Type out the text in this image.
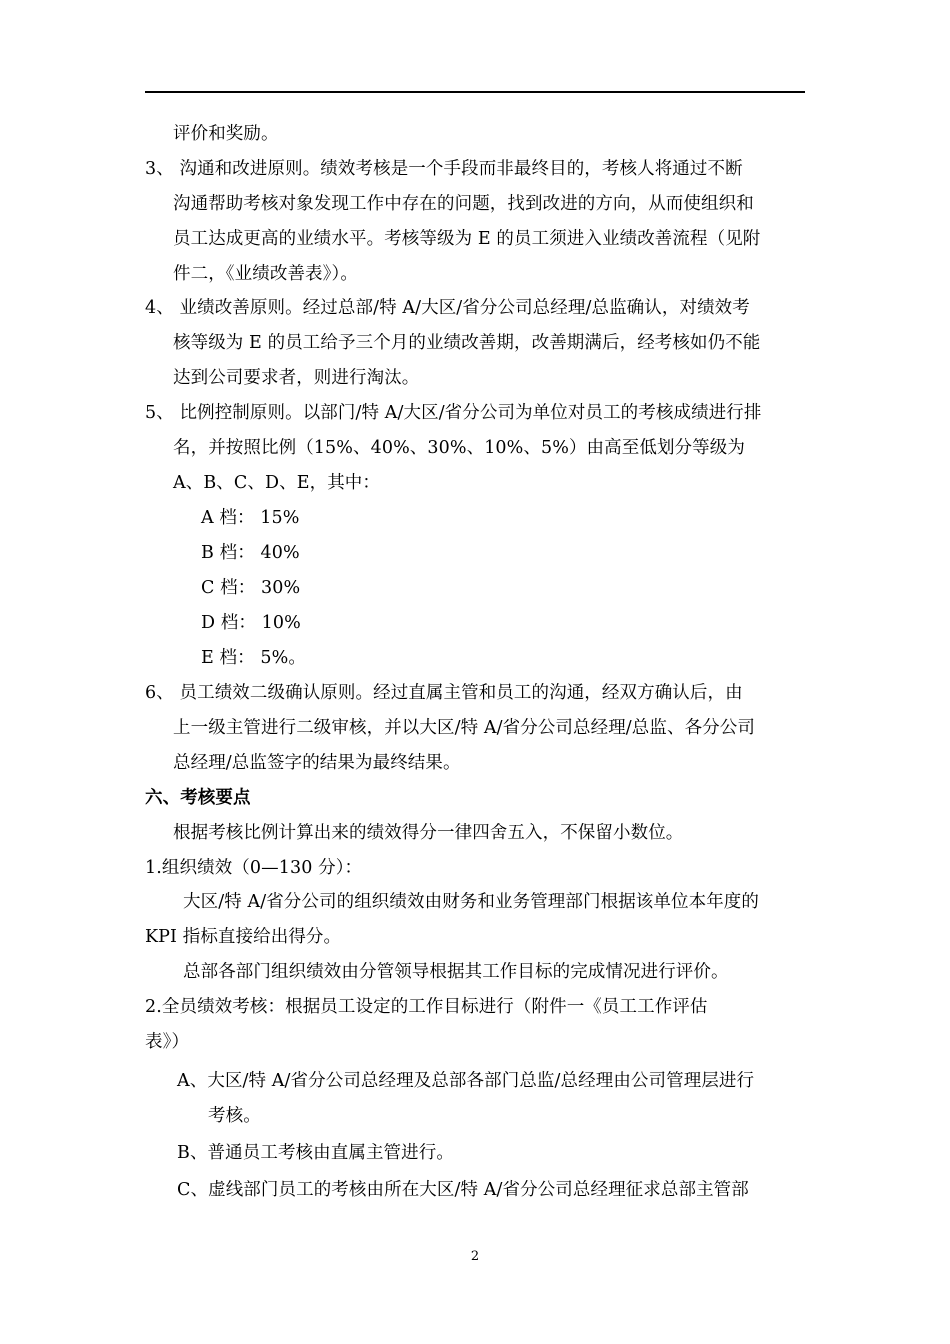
评价和奖励。
3、 沟通和改进原则。绩效考核是一个手段而非最终目的，考核人将通过不断
沟通帮助考核对象发现工作中存在的问题，找到改进的方向，从而使组织和
员工达成更高的业绩水平。考核等级为 E 的员工须进入业绩改善流程（见附
件二，《业绩改善表》）。
4、 业绩改善原则。经过总部/特 A/大区/省分公司总经理/总监确认，对绩效考
核等级为 E 的员工给予三个月的业绩改善期，改善期满后，经考核如仍不能
达到公司要求者，则进行淘汰。
5、 比例控制原则。以部门/特 A/大区/省分公司为单位对员工的考核成绩进行排
名，并按照比例（15%、40%、30%、10%、5%）由高至低划分等级为
A、B、C、D、E，其中：
A 档： 15%
B 档： 40%
C 档： 30%
D 档： 10%
E 档： 5%。
6、 员工绩效二级确认原则。经过直属主管和员工的沟通，经双方确认后，由
上一级主管进行二级审核，并以大区/特 A/省分公司总经理/总监、各分公司
总经理/总监签字的结果为最终结果。
六、考核要点
根据考核比例计算出来的绩效得分一律四舍五入，不保留小数位。
1.组织绩效（0—130 分）：
大区/特 A/省分公司的组织绩效由财务和业务管理部门根据该单位本年度的
KPI 指标直接给出得分。
总部各部门组织绩效由分管领导根据其工作目标的完成情况进行评价。
2.全员绩效考核：根据员工设定的工作目标进行（附件一《员工工作评估
表》）
A、大区/特 A/省分公司总经理及总部各部门总监/总经理由公司管理层进行
考核。
B、普通员工考核由直属主管进行。
C、虚线部门员工的考核由所在大区/特 A/省分公司总经理征求总部主管部
2
